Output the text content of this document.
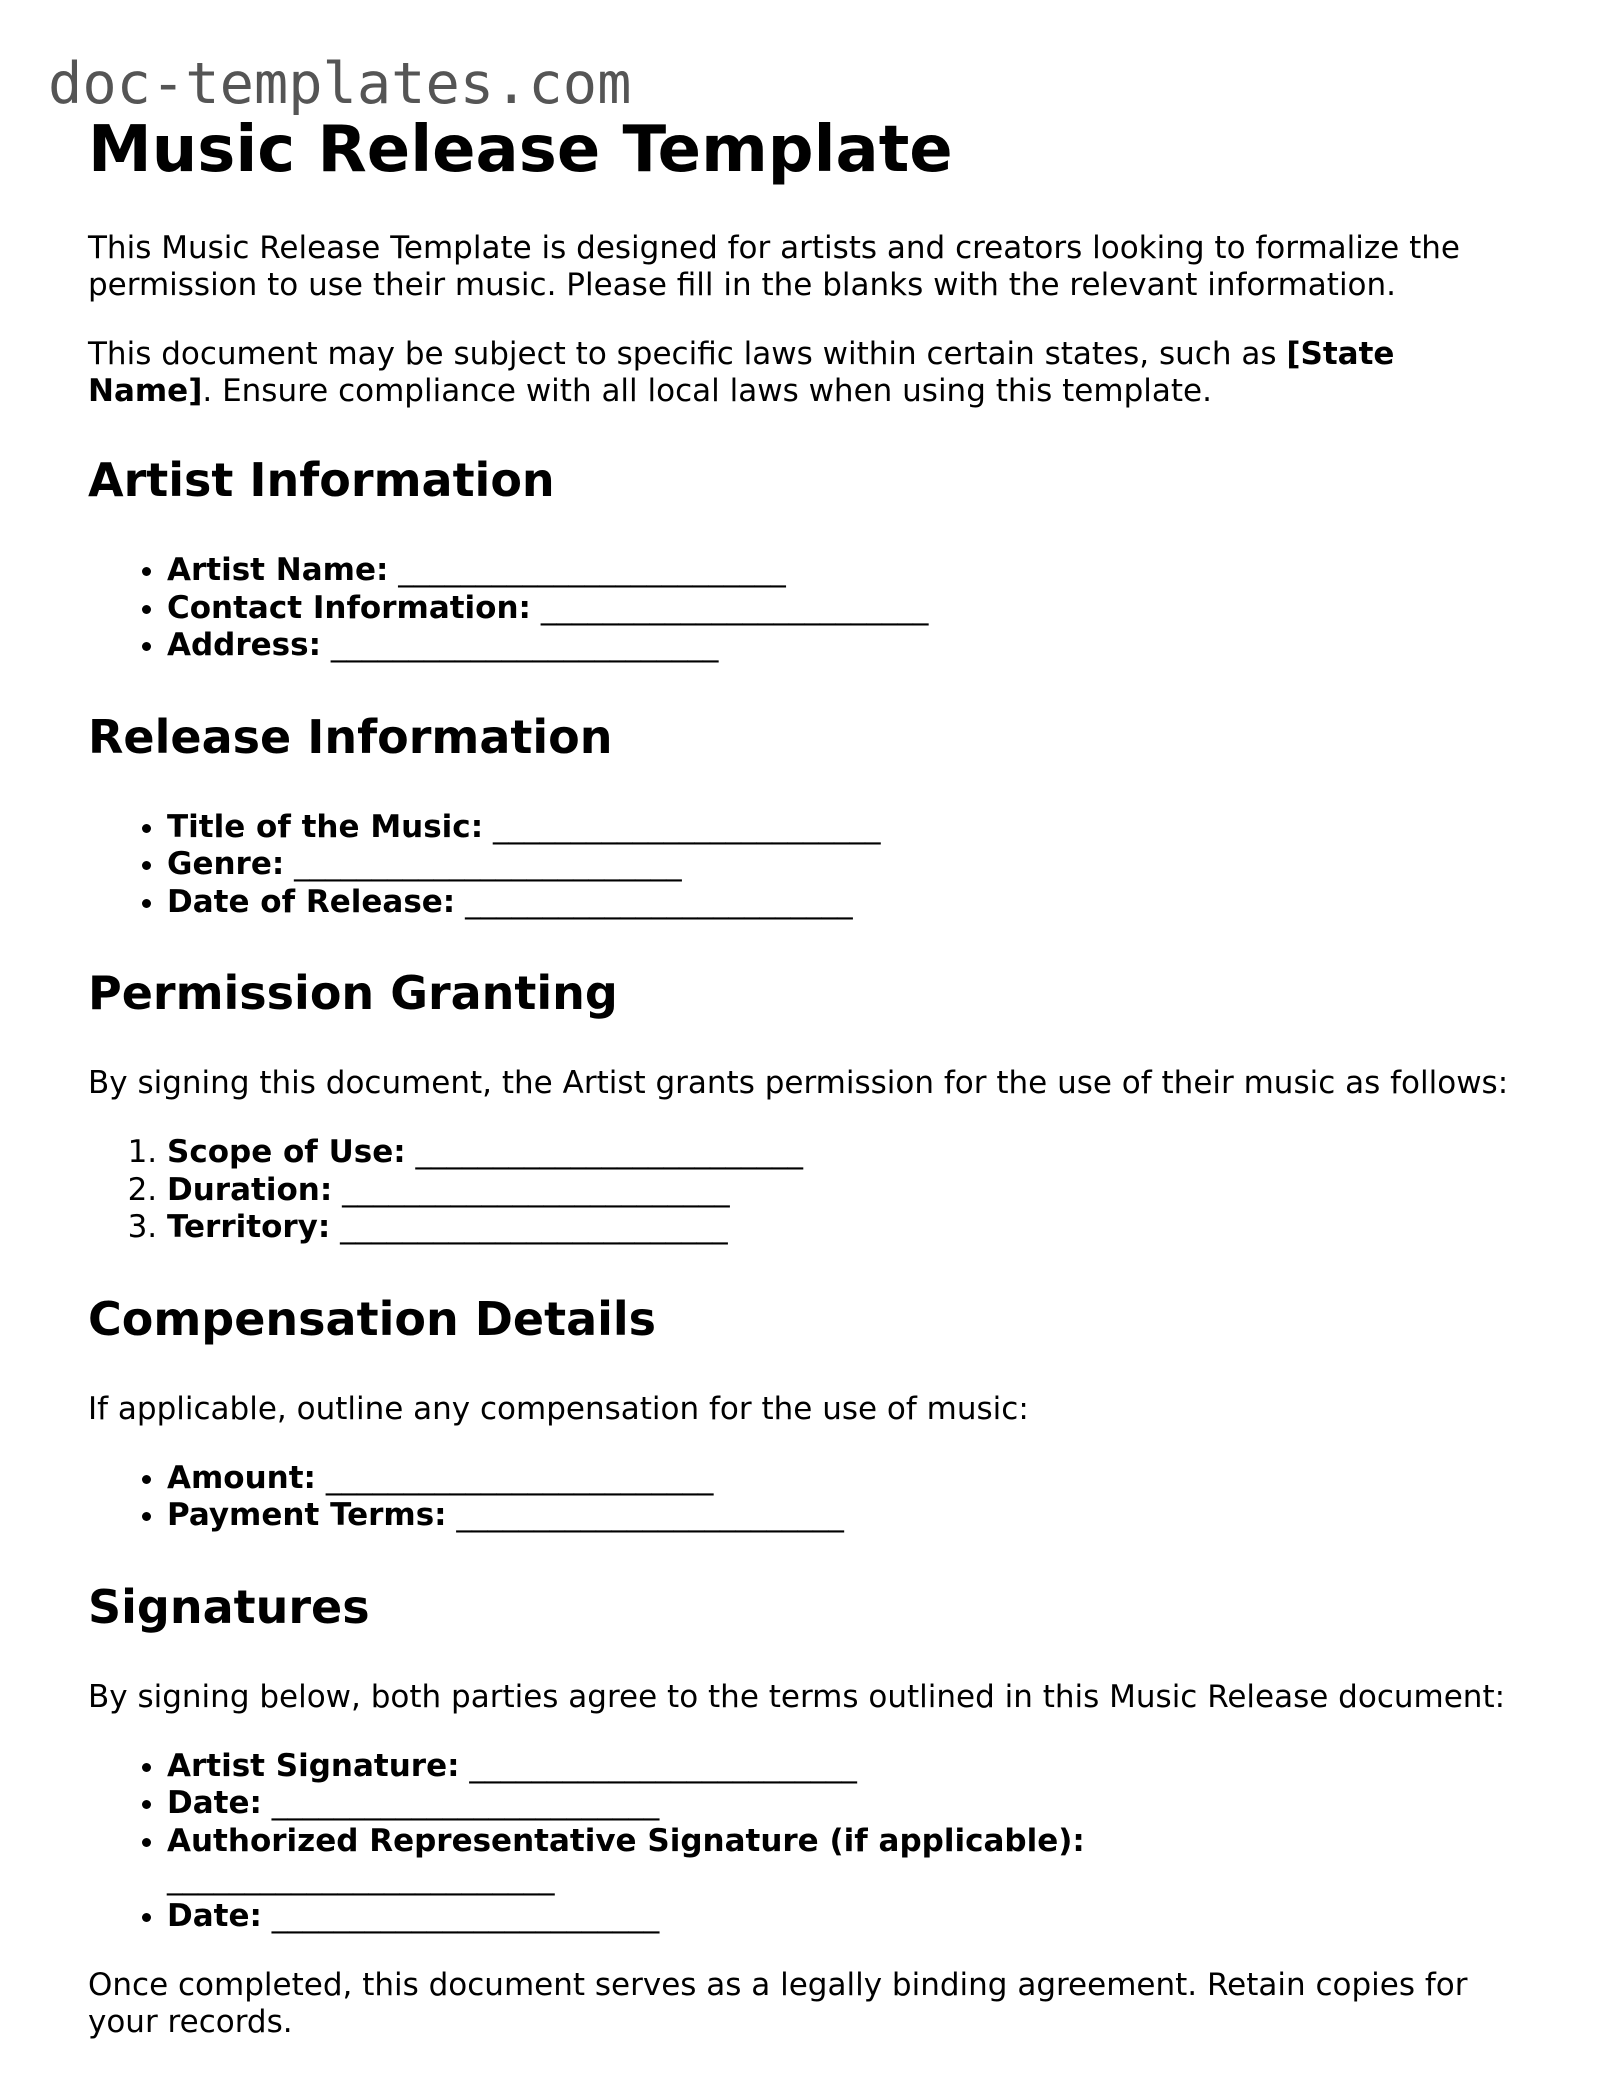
doc-templates.com
Music Release Template

This Music Release Template is designed for artists and creators looking to formalize the permission to use their music. Please fill in the blanks with the relevant information.

This document may be subject to specific laws within certain states, such as [State Name]. Ensure compliance with all local laws when using this template.

Artist Information
• Artist Name: _________________________
• Contact Information: _________________________
• Address: _________________________
Release Information
• Title of the Music: _________________________
• Genre: _________________________
• Date of Release: _________________________
Permission Granting

By signing this document, the Artist grants permission for the use of their music as follows:

1. Scope of Use: _________________________
2. Duration: _________________________
3. Territory: _________________________
Compensation Details

If applicable, outline any compensation for the use of music:

• Amount: _________________________
• Payment Terms: _________________________
Signatures

By signing below, both parties agree to the terms outlined in this Music Release document:

• Artist Signature: _________________________
• Date: _________________________
• Authorized Representative Signature (if applicable):
_________________________
• Date: _________________________

Once completed, this document serves as a legally binding agreement. Retain copies for your records.
